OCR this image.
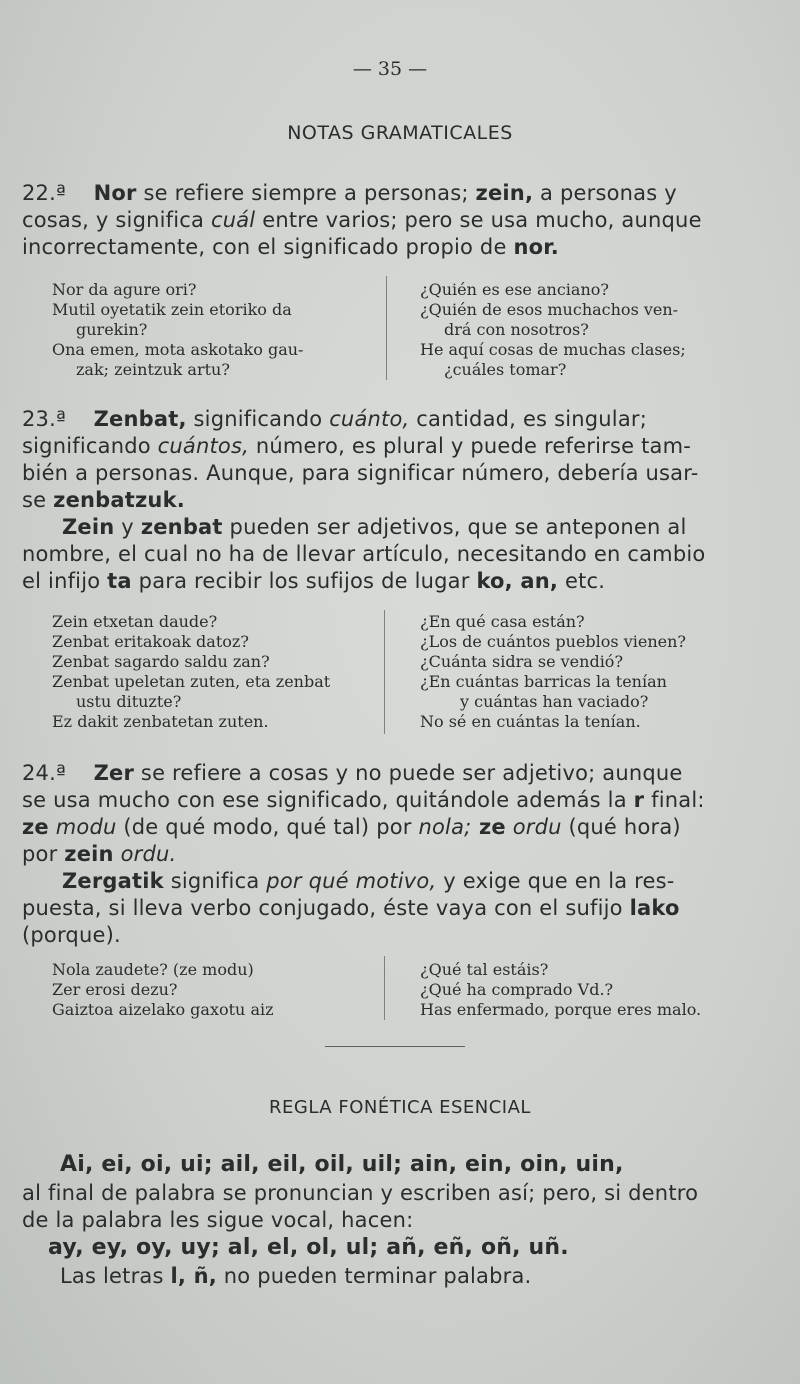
— 35 —
NOTAS GRAMATICALES
22.ª Nor se refiere siempre a personas; zein, a personas y
cosas, y significa cuál entre varios; pero se usa mucho, aunque
incorrectamente, con el significado propio de nor.
Nor da agure ori?
Mutil oyetatik zein etoriko da
gurekin?
Ona emen, mota askotako gau-
zak; zeintzuk artu?
¿Quién es ese anciano?
¿Quién de esos muchachos ven-
drá con nosotros?
He aquí cosas de muchas clases;
¿cuáles tomar?
23.ª Zenbat, significando cuánto, cantidad, es singular;
significando cuántos, número, es plural y puede referirse tam-
bién a personas. Aunque, para significar número, debería usar-
se zenbatzuk.
Zein y zenbat pueden ser adjetivos, que se anteponen al
nombre, el cual no ha de llevar artículo, necesitando en cambio
el infijo ta para recibir los sufijos de lugar ko, an, etc.
Zein etxetan daude?
Zenbat eritakoak datoz?
Zenbat sagardo saldu zan?
Zenbat upeletan zuten, eta zenbat
ustu dituzte?
Ez dakit zenbatetan zuten.
¿En qué casa están?
¿Los de cuántos pueblos vienen?
¿Cuánta sidra se vendió?
¿En cuántas barricas la tenían
y cuántas han vaciado?
No sé en cuántas la tenían.
24.ª Zer se refiere a cosas y no puede ser adjetivo; aunque
se usa mucho con ese significado, quitándole además la r final:
ze modu (de qué modo, qué tal) por nola; ze ordu (qué hora)
por zein ordu.
Zergatik significa por qué motivo, y exige que en la res-
puesta, si lleva verbo conjugado, éste vaya con el sufijo lako
(porque).
Nola zaudete? (ze modu)
Zer erosi dezu?
Gaiztoa aizelako gaxotu aiz
¿Qué tal estáis?
¿Qué ha comprado Vd.?
Has enfermado, porque eres malo.
REGLA FONÉTICA ESENCIAL
Ai, ei, oi, ui; ail, eil, oil, uil; ain, ein, oin, uin,
al final de palabra se pronuncian y escriben así; pero, si dentro
de la palabra les sigue vocal, hacen:
ay, ey, oy, uy; al, el, ol, ul; añ, eñ, oñ, uñ.
Las letras l, ñ, no pueden terminar palabra.
